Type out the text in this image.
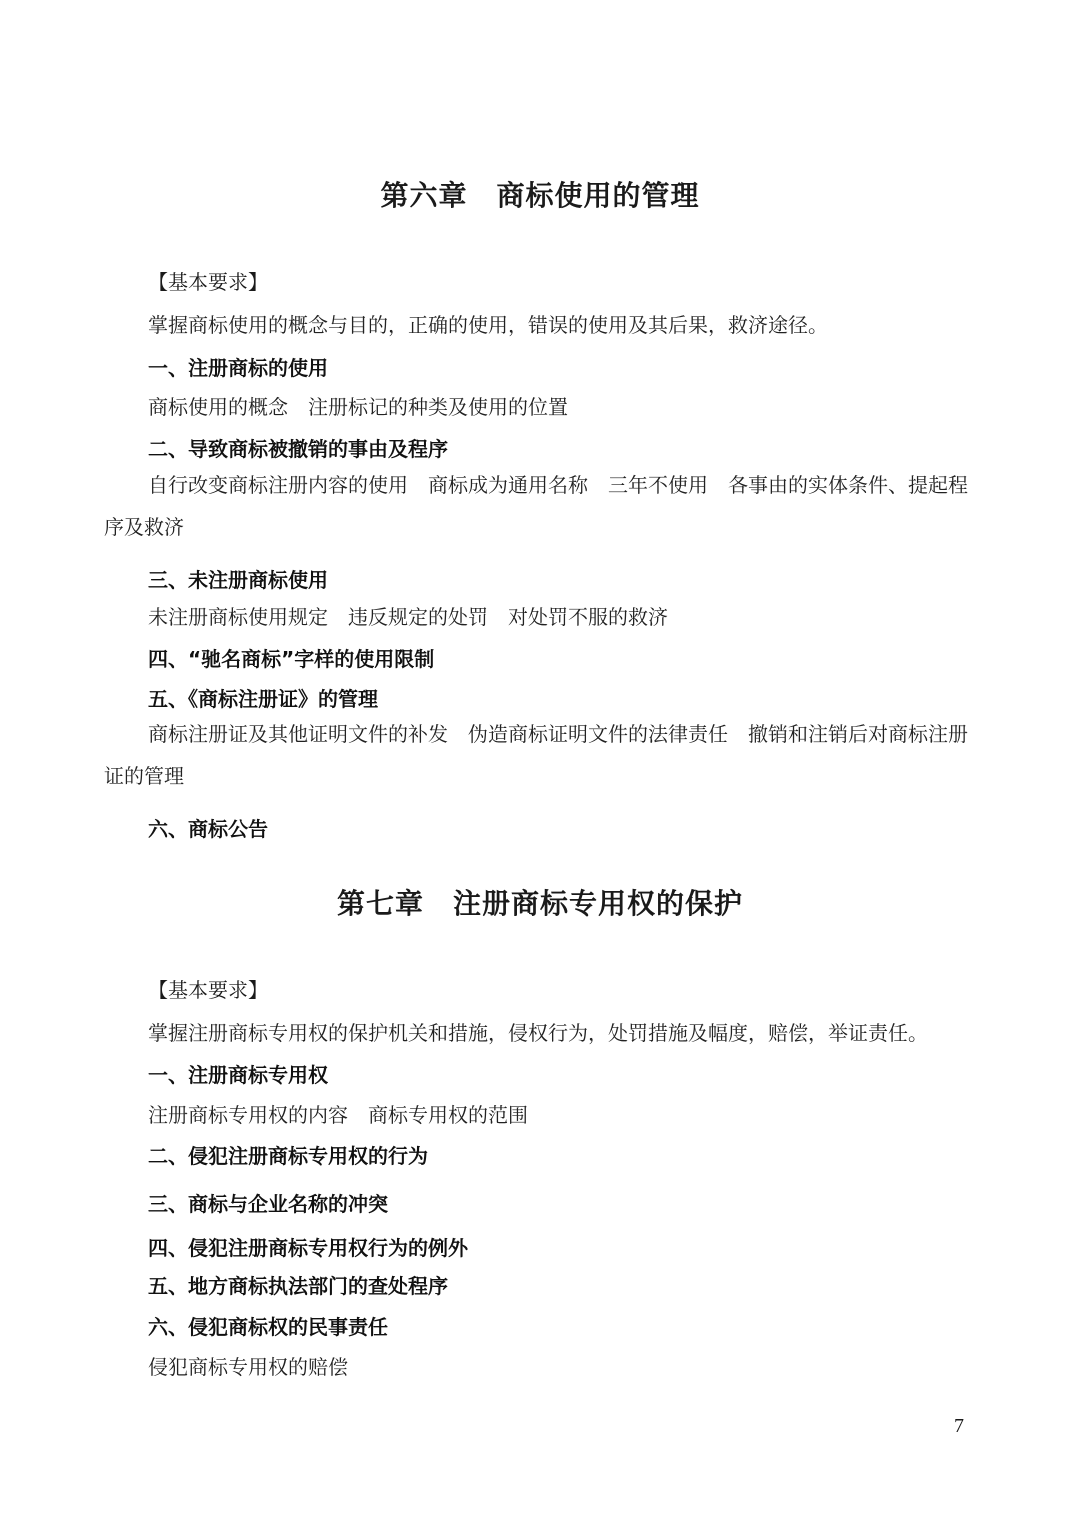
第六章　商标使用的管理
【基本要求】
掌握商标使用的概念与目的，正确的使用，错误的使用及其后果，救济途径。
一、注册商标的使用
商标使用的概念　注册标记的种类及使用的位置
二、导致商标被撤销的事由及程序
自行改变商标注册内容的使用　商标成为通用名称　三年不使用　各事由的实体条件、提起程序及救济
三、未注册商标使用
未注册商标使用规定　违反规定的处罚　对处罚不服的救济
四、“驰名商标”字样的使用限制
五、《商标注册证》的管理
商标注册证及其他证明文件的补发　伪造商标证明文件的法律责任　撤销和注销后对商标注册证的管理
六、商标公告
第七章　注册商标专用权的保护
【基本要求】
掌握注册商标专用权的保护机关和措施，侵权行为，处罚措施及幅度，赔偿，举证责任。
一、注册商标专用权
注册商标专用权的内容　商标专用权的范围
二、侵犯注册商标专用权的行为
三、商标与企业名称的冲突
四、侵犯注册商标专用权行为的例外
五、地方商标执法部门的查处程序
六、侵犯商标权的民事责任
侵犯商标专用权的赔偿
7
